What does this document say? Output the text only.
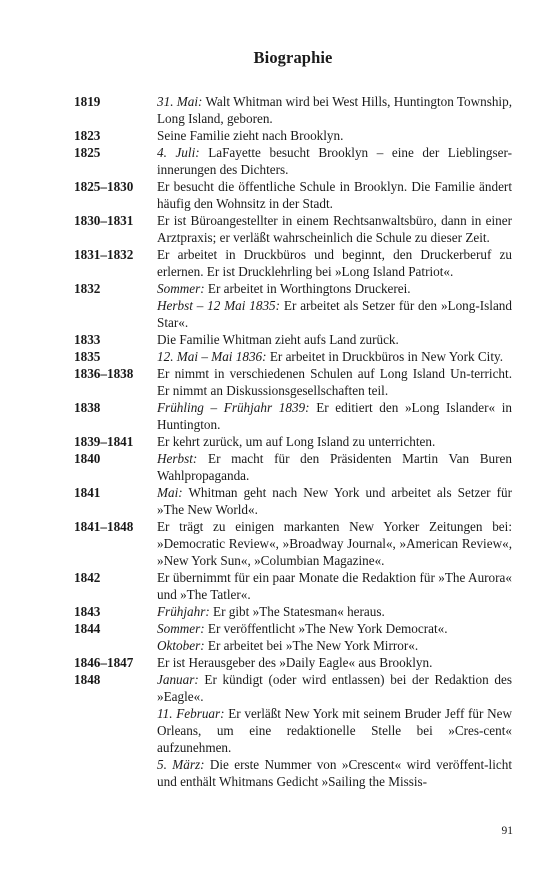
Biographie
1819	31. Mai: Walt Whitman wird bei West Hills, Huntington Township, Long Island, geboren.
1823	Seine Familie zieht nach Brooklyn.
1825	4. Juli: LaFayette besucht Brooklyn – eine der Lieblingser-innerungen des Dichters.
1825–1830	Er besucht die öffentliche Schule in Brooklyn. Die Familie ändert häufig den Wohnsitz in der Stadt.
1830–1831	Er ist Büroangestellter in einem Rechtsanwaltsbüro, dann in einer Arztpraxis; er verläßt wahrscheinlich die Schule zu dieser Zeit.
1831–1832	Er arbeitet in Druckbüros und beginnt, den Druckerberuf zu erlernen. Er ist Drucklehrling bei »Long Island Patriot«.
1832	Sommer: Er arbeitet in Worthingtons Druckerei.
Herbst – 12 Mai 1835: Er arbeitet als Setzer für den »Long-Island Star«.
1833	Die Familie Whitman zieht aufs Land zurück.
1835	12. Mai – Mai 1836: Er arbeitet in Druckbüros in New York City.
1836–1838	Er nimmt in verschiedenen Schulen auf Long Island Un-terricht. Er nimmt an Diskussionsgesellschaften teil.
1838	Frühling – Frühjahr 1839: Er editiert den »Long Islander« in Huntington.
1839–1841	Er kehrt zurück, um auf Long Island zu unterrichten.
1840	Herbst: Er macht für den Präsidenten Martin Van Buren Wahlpropaganda.
1841	Mai: Whitman geht nach New York und arbeitet als Setzer für »The New World«.
1841–1848	Er trägt zu einigen markanten New Yorker Zeitungen bei: »Democratic Review«, »Broadway Journal«, »American Review«, »New York Sun«, »Columbian Magazine«.
1842	Er übernimmt für ein paar Monate die Redaktion für »The Aurora« und »The Tatler«.
1843	Frühjahr: Er gibt »The Statesman« heraus.
1844	Sommer: Er veröffentlicht »The New York Democrat«.
Oktober: Er arbeitet bei »The New York Mirror«.
1846–1847	Er ist Herausgeber des »Daily Eagle« aus Brooklyn.
1848	Januar: Er kündigt (oder wird entlassen) bei der Redaktion des »Eagle«.
11. Februar: Er verläßt New York mit seinem Bruder Jeff für New Orleans, um eine redaktionelle Stelle bei »Cres-cent« aufzunehmen.
5. März: Die erste Nummer von »Crescent« wird veröffent-licht und enthält Whitmans Gedicht »Sailing the Missis-
91
